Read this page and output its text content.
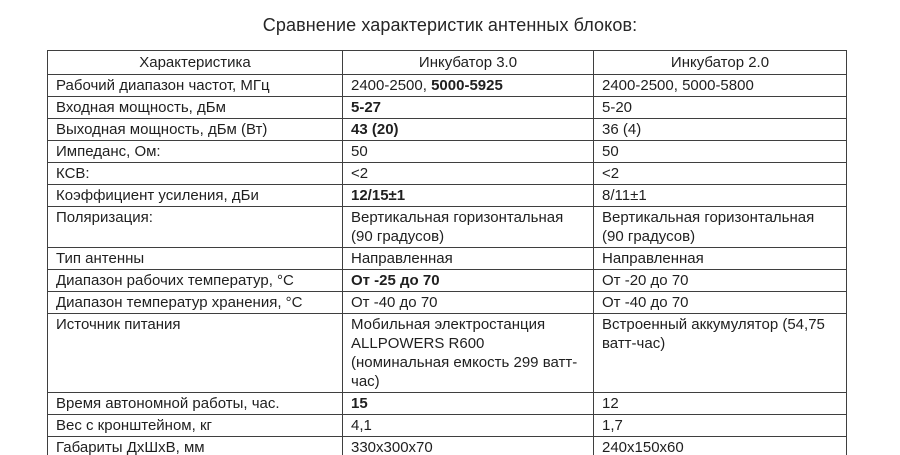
Сравнение характеристик антенных блоков:

Характеристика	Инкубатор 3.0	Инкубатор 2.0
Рабочий диапазон частот, МГц	2400-2500, 5000-5925	2400-2500, 5000-5800
Входная мощность, дБм	5-27	5-20
Выходная мощность, дБм (Вт)	43 (20)	36 (4)
Импеданс, Ом:	50	50
КСВ:	<2	<2
Коэффициент усиления, дБи	12/15±1	8/11±1
Поляризация:	Вертикальная горизонтальная (90 градусов)	Вертикальная горизонтальная (90 градусов)
Тип антенны	Направленная	Направленная
Диапазон рабочих температур, °С	От -25 до 70	От -20 до 70
Диапазон температур хранения, °С	От -40 до 70	От -40 до 70
Источник питания	Мобильная электростанция ALLPOWERS R600 (номинальная емкость 299 ватт-час)	Встроенный аккумулятор (54,75 ватт-час)
Время автономной работы, час.	15	12
Вес с кронштейном, кг	4,1	1,7
Габариты ДхШхВ, мм	330x300x70	240x150x60
